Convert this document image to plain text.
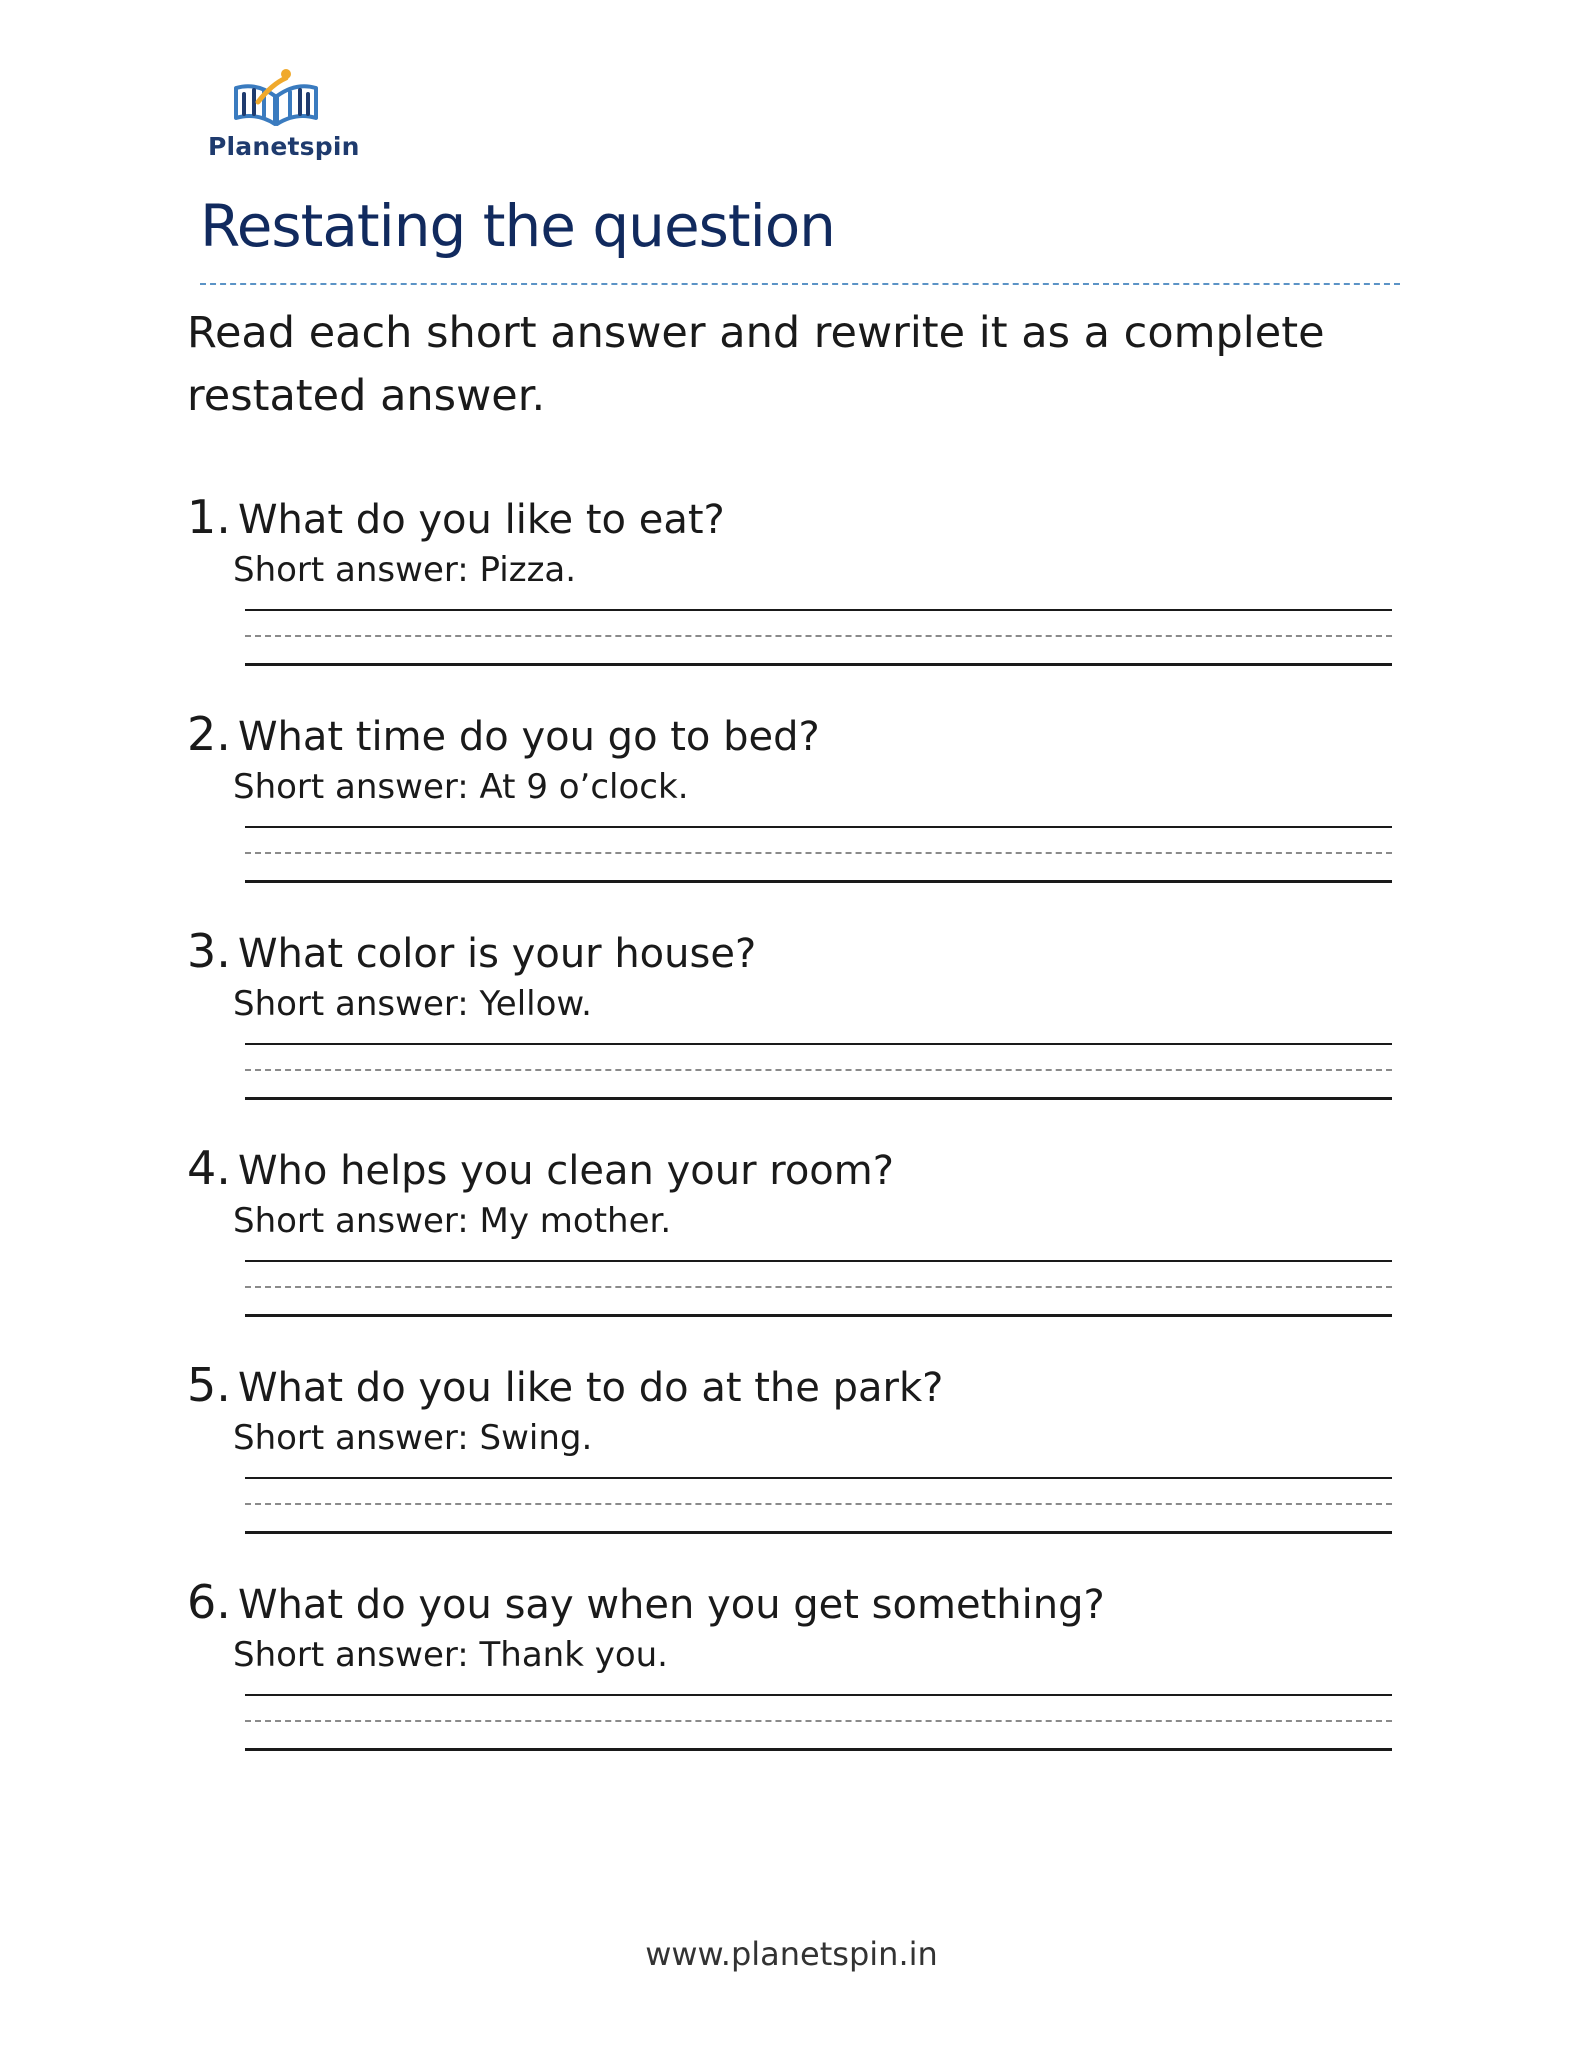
Planetspin
Restating the question

Read each short answer and rewrite it as a complete restated answer.

1. What do you like to eat?
Short answer: Pizza.
2. What time do you go to bed?
Short answer: At 9 o’clock.
3. What color is your house?
Short answer: Yellow.
4. Who helps you clean your room?
Short answer: My mother.
5. What do you like to do at the park?
Short answer: Swing.
6. What do you say when you get something?
Short answer: Thank you.
www.planetspin.in
